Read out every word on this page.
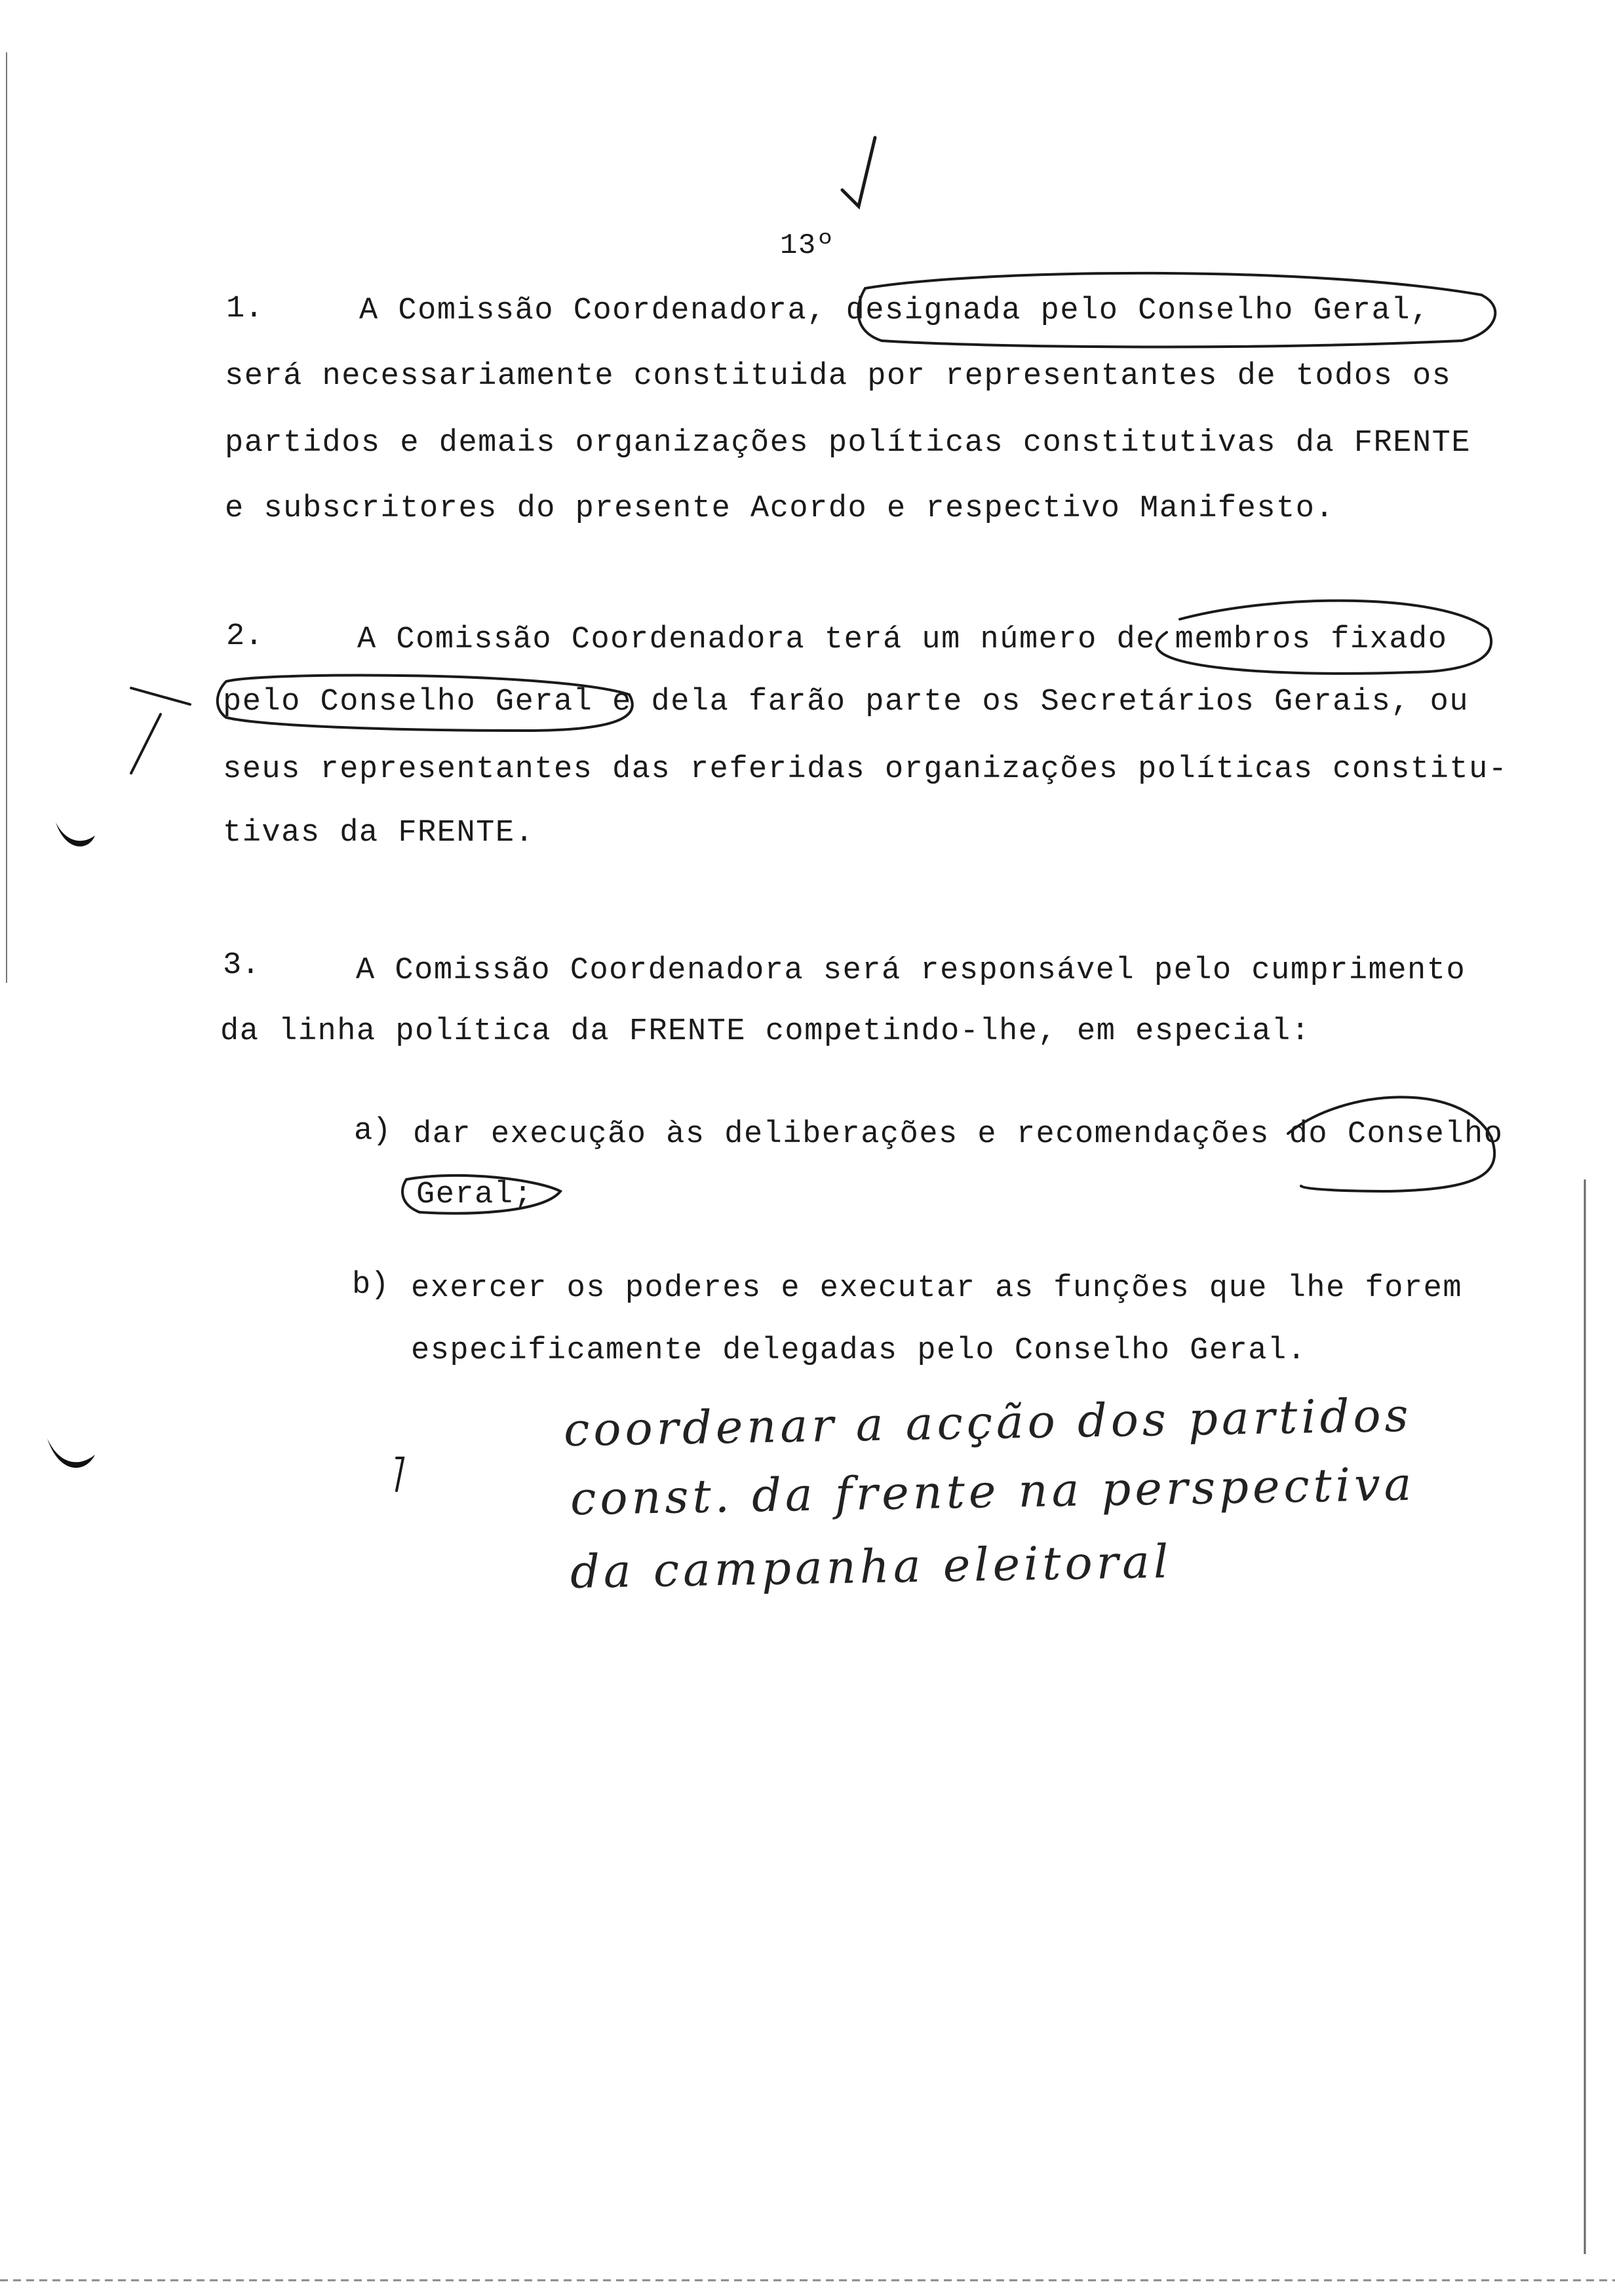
13º
1.	A Comissão Coordenadora, designada pelo Conselho Geral,
será necessariamente constituida por representantes de todos os
partidos e demais organizações políticas constitutivas da FRENTE
e subscritores do presente Acordo e respectivo Manifesto.
2.	A Comissão Coordenadora terá um número de membros fixado
pelo Conselho Geral e dela farão parte os Secretários Gerais, ou
seus representantes das referidas organizações políticas constitu-
tivas da FRENTE.
3.	A Comissão Coordenadora será responsável pelo cumprimento
da linha política da FRENTE competindo-lhe, em especial:
a) dar execução às deliberações e recomendações do Conselho
Geral;
b) exercer os poderes e executar as funções que lhe forem
especificamente delegadas pelo Conselho Geral.
coordenar a acção dos partidos
const. da frente na perspectiva
da campanha eleitoral
